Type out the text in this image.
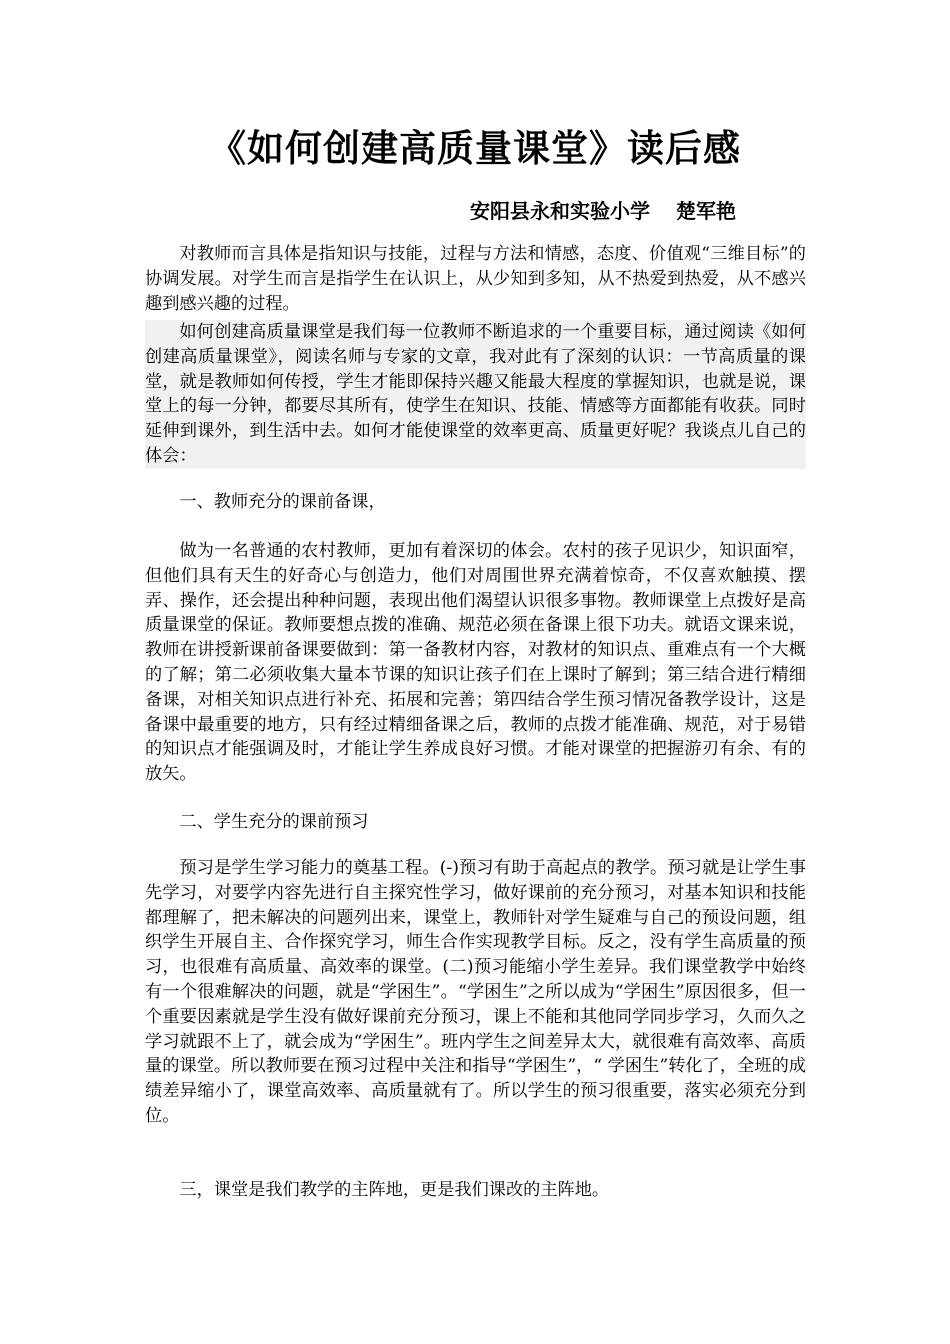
《如何创建高质量课堂》读后感
安阳县永和实验小学 楚军艳

对教师而言具体是指知识与技能，过程与方法和情感，态度、价值观“三维目标”的协调发展。对学生而言是指学生在认识上，从少知到多知，从不热爱到热爱，从不感兴趣到感兴趣的过程。

如何创建高质量课堂是我们每一位教师不断追求的一个重要目标，通过阅读《如何创建高质量课堂》，阅读名师与专家的文章，我对此有了深刻的认识：一节高质量的课堂，就是教师如何传授，学生才能即保持兴趣又能最大程度的掌握知识，也就是说，课堂上的每一分钟，都要尽其所有，使学生在知识、技能、情感等方面都能有收获。同时延伸到课外，到生活中去。如何才能使课堂的效率更高、质量更好呢？我谈点儿自己的体会：

一、教师充分的课前备课，

做为一名普通的农村教师，更加有着深切的体会。农村的孩子见识少，知识面窄，但他们具有天生的好奇心与创造力，他们对周围世界充满着惊奇，不仅喜欢触摸、摆弄、操作，还会提出种种问题，表现出他们渴望认识很多事物。教师课堂上点拨好是高质量课堂的保证。教师要想点拨的准确、规范必须在备课上很下功夫。就语文课来说，教师在讲授新课前备课要做到：第一备教材内容，对教材的知识点、重难点有一个大概的了解；第二必须收集大量本节课的知识让孩子们在上课时了解到；第三结合进行精细备课，对相关知识点进行补充、拓展和完善；第四结合学生预习情况备教学设计，这是备课中最重要的地方，只有经过精细备课之后，教师的点拨才能准确、规范，对于易错的知识点才能强调及时，才能让学生养成良好习惯。才能对课堂的把握游刃有余、有的放矢。

二、学生充分的课前预习

预习是学生学习能力的奠基工程。(-)预习有助于高起点的教学。预习就是让学生事先学习，对要学内容先进行自主探究性学习，做好课前的充分预习，对基本知识和技能都理解了，把未解决的问题列出来，课堂上，教师针对学生疑难与自己的预设问题，组织学生开展自主、合作探究学习，师生合作实现教学目标。反之，没有学生高质量的预习，也很难有高质量、高效率的课堂。(二)预习能缩小学生差异。我们课堂教学中始终有一个很难解决的问题，就是“学困生”。“学困生”之所以成为“学困生”原因很多，但一个重要因素就是学生没有做好课前充分预习，课上不能和其他同学同步学习，久而久之学习就跟不上了，就会成为“学困生”。班内学生之间差异太大，就很难有高效率、高质量的课堂。所以教师要在预习过程中关注和指导“学困生”，“ 学困生”转化了，全班的成绩差异缩小了，课堂高效率、高质量就有了。所以学生的预习很重要，落实必须充分到位。

三，课堂是我们教学的主阵地，更是我们课改的主阵地。
